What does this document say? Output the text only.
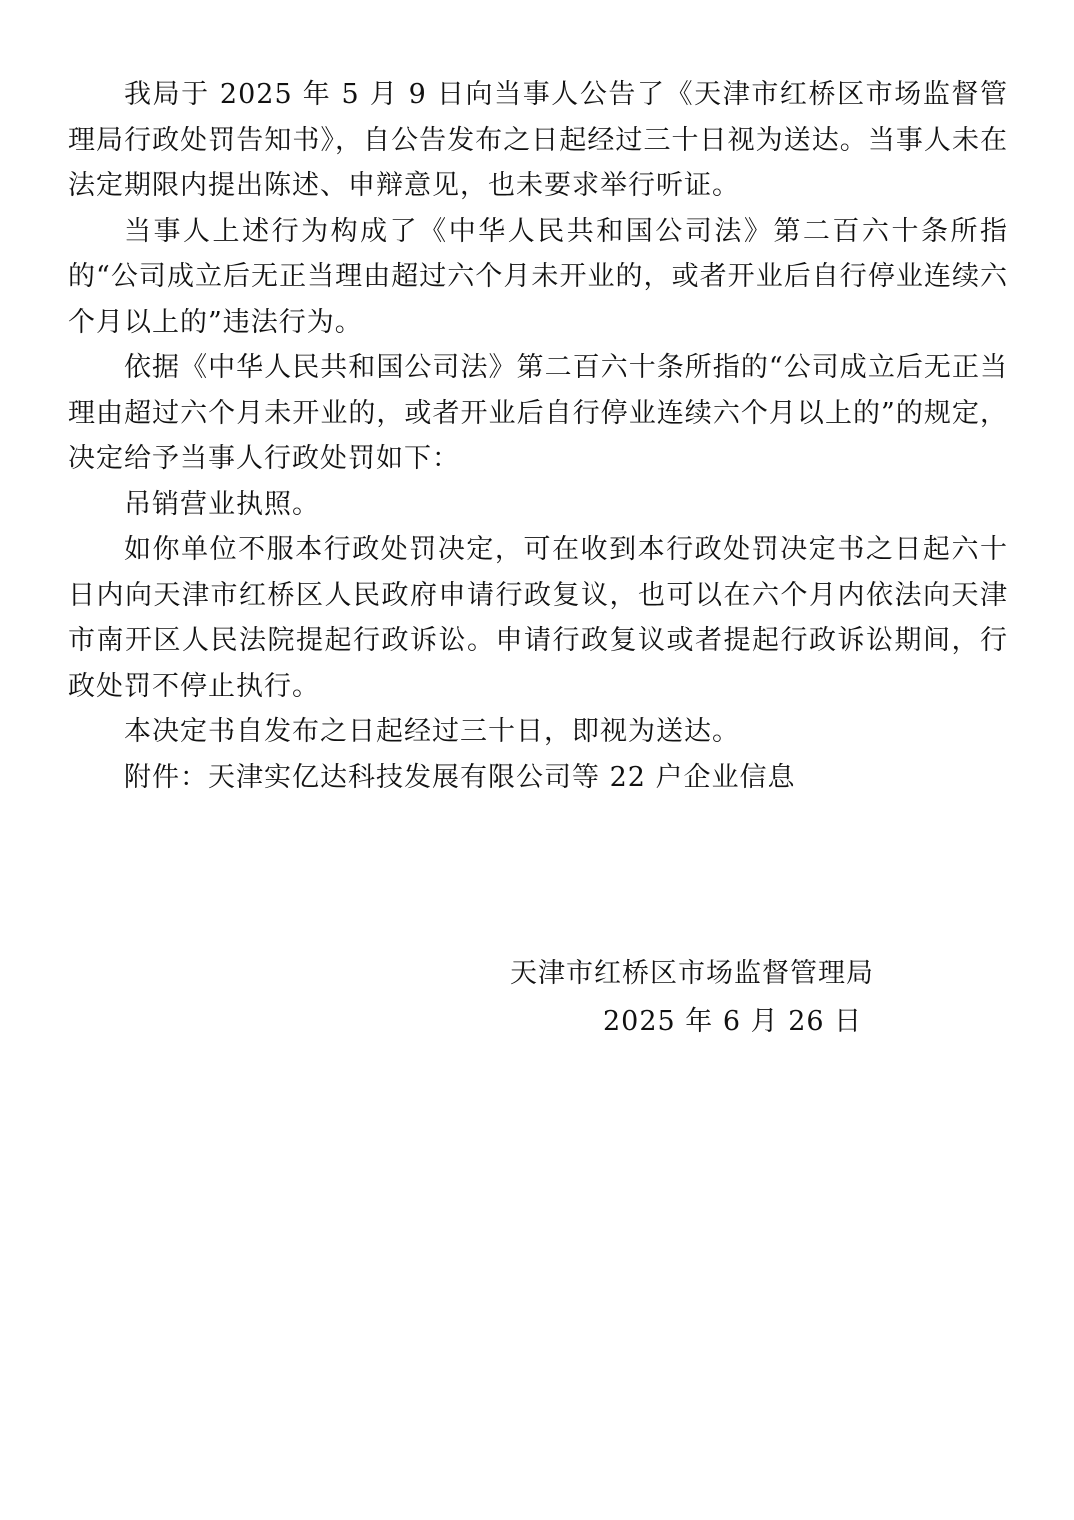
我局于 2025 年 5 月 9 日向当事人公告了《天津市红桥区市场监督管理局行政处罚告知书》，自公告发布之日起经过三十日视为送达。当事人未在法定期限内提出陈述、申辩意见，也未要求举行听证。

当事人上述行为构成了《中华人民共和国公司法》第二百六十条所指的“公司成立后无正当理由超过六个月未开业的，或者开业后自行停业连续六个月以上的”违法行为。

依据《中华人民共和国公司法》第二百六十条所指的“公司成立后无正当理由超过六个月未开业的，或者开业后自行停业连续六个月以上的”的规定，决定给予当事人行政处罚如下：

吊销营业执照。

如你单位不服本行政处罚决定，可在收到本行政处罚决定书之日起六十日内向天津市红桥区人民政府申请行政复议，也可以在六个月内依法向天津市南开区人民法院提起行政诉讼。申请行政复议或者提起行政诉讼期间，行政处罚不停止执行。

本决定书自发布之日起经过三十日，即视为送达。

附件：天津实亿达科技发展有限公司等 22 户企业信息

天津市红桥区市场监督管理局
2025 年 6 月 26 日
